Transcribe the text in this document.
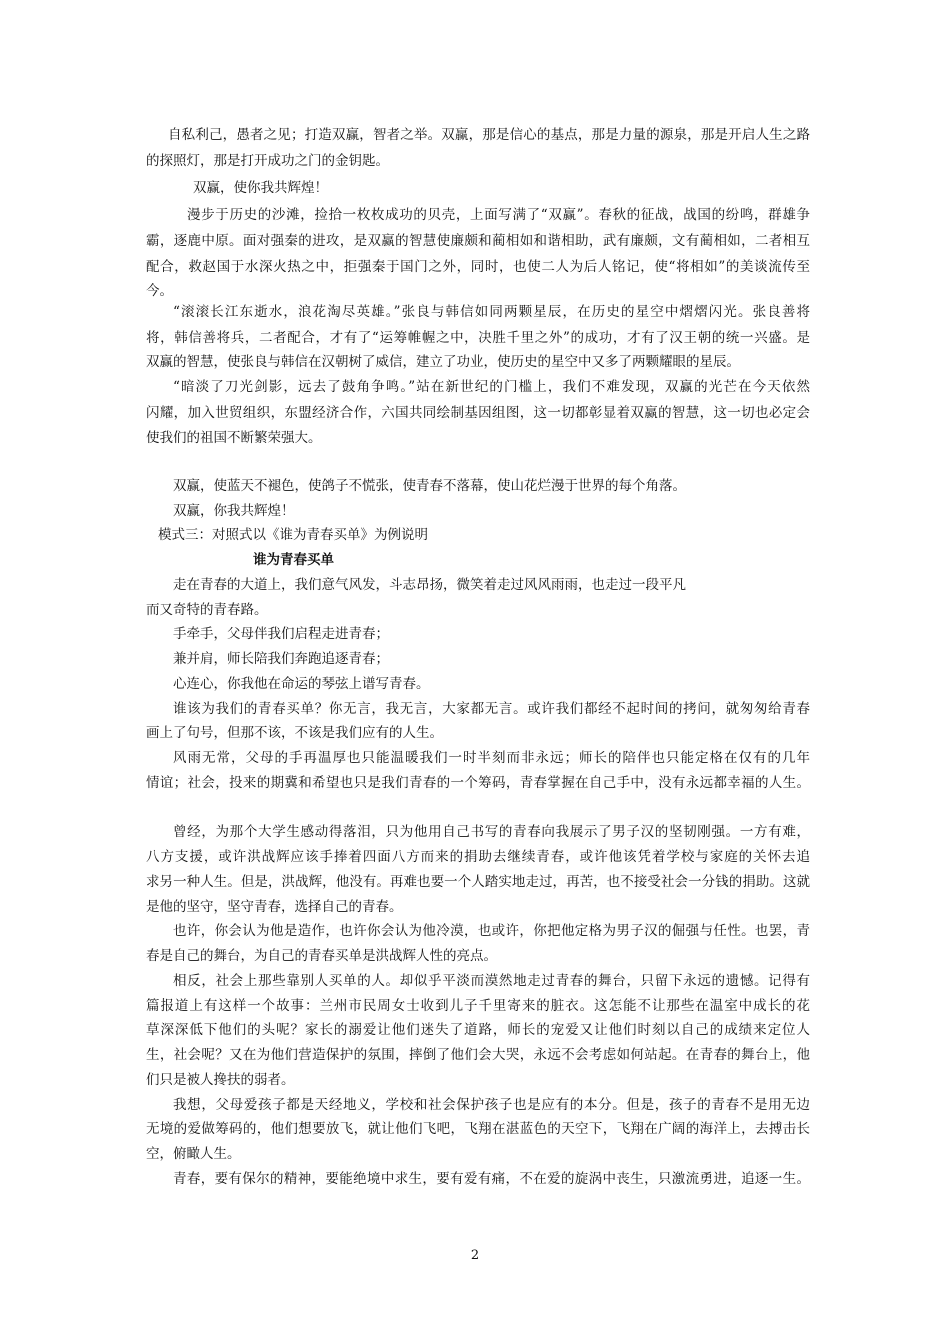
自私利己，愚者之见；打造双赢，智者之举。双赢，那是信心的基点，那是力量的源泉，那是开启人生之路
的探照灯，那是打开成功之门的金钥匙。
双赢，使你我共辉煌！
漫步于历史的沙滩，捡拾一枚枚成功的贝壳，上面写满了“双赢”。春秋的征战，战国的纷鸣，群雄争
霸，逐鹿中原。面对强秦的进攻，是双赢的智慧使廉颇和蔺相如和谐相助，武有廉颇，文有蔺相如，二者相互
配合，救赵国于水深火热之中，拒强秦于国门之外，同时，也使二人为后人铭记，使“将相如”的美谈流传至
今。
“滚滚长江东逝水，浪花淘尽英雄。”张良与韩信如同两颗星辰，在历史的星空中熠熠闪光。张良善将
将，韩信善将兵，二者配合，才有了“运筹帷幄之中，决胜千里之外”的成功，才有了汉王朝的统一兴盛。是
双赢的智慧，使张良与韩信在汉朝树了威信，建立了功业，使历史的星空中又多了两颗耀眼的星辰。
“暗淡了刀光剑影，远去了鼓角争鸣。”站在新世纪的门槛上，我们不难发现，双赢的光芒在今天依然
闪耀，加入世贸组织，东盟经济合作，六国共同绘制基因组图，这一切都彰显着双赢的智慧，这一切也必定会
使我们的祖国不断繁荣强大。
双赢，使蓝天不褪色，使鸽子不慌张，使青春不落幕，使山花烂漫于世界的每个角落。
双赢，你我共辉煌！
模式三：对照式以《谁为青春买单》为例说明
谁为青春买单
走在青春的大道上，我们意气风发，斗志昂扬，微笑着走过风风雨雨，也走过一段平凡
而又奇特的青春路。
手牵手，父母伴我们启程走进青春；
兼并肩，师长陪我们奔跑追逐青春；
心连心，你我他在命运的琴弦上谱写青春。
谁该为我们的青春买单？你无言，我无言，大家都无言。或许我们都经不起时间的拷问，就匆匆给青春
画上了句号，但那不该，不该是我们应有的人生。
风雨无常，父母的手再温厚也只能温暖我们一时半刻而非永远；师长的陪伴也只能定格在仅有的几年
情谊；社会，投来的期冀和希望也只是我们青春的一个筹码，青春掌握在自己手中，没有永远都幸福的人生。
曾经，为那个大学生感动得落泪，只为他用自己书写的青春向我展示了男子汉的坚韧刚强。一方有难，
八方支援，或许洪战辉应该手捧着四面八方而来的捐助去继续青春，或许他该凭着学校与家庭的关怀去追
求另一种人生。但是，洪战辉，他没有。再难也要一个人踏实地走过，再苦，也不接受社会一分钱的捐助。这就
是他的坚守，坚守青春，选择自己的青春。
也许，你会认为他是造作，也许你会认为他冷漠，也或许，你把他定格为男子汉的倔强与任性。也罢，青
春是自己的舞台，为自己的青春买单是洪战辉人性的亮点。
相反，社会上那些靠别人买单的人。却似乎平淡而漠然地走过青春的舞台，只留下永远的遗憾。记得有
篇报道上有这样一个故事：兰州市民周女士收到儿子千里寄来的脏衣。这怎能不让那些在温室中成长的花
草深深低下他们的头呢？家长的溺爱让他们迷失了道路，师长的宠爱又让他们时刻以自己的成绩来定位人
生，社会呢？又在为他们营造保护的氛围，摔倒了他们会大哭，永远不会考虑如何站起。在青春的舞台上，他
们只是被人搀扶的弱者。
我想，父母爱孩子都是天经地义，学校和社会保护孩子也是应有的本分。但是，孩子的青春不是用无边
无境的爱做筹码的，他们想要放飞，就让他们飞吧，飞翔在湛蓝色的天空下，飞翔在广阔的海洋上，去搏击长
空，俯瞰人生。
青春，要有保尔的精神，要能绝境中求生，要有爱有痛，不在爱的旋涡中丧生，只激流勇进，追逐一生。
2
